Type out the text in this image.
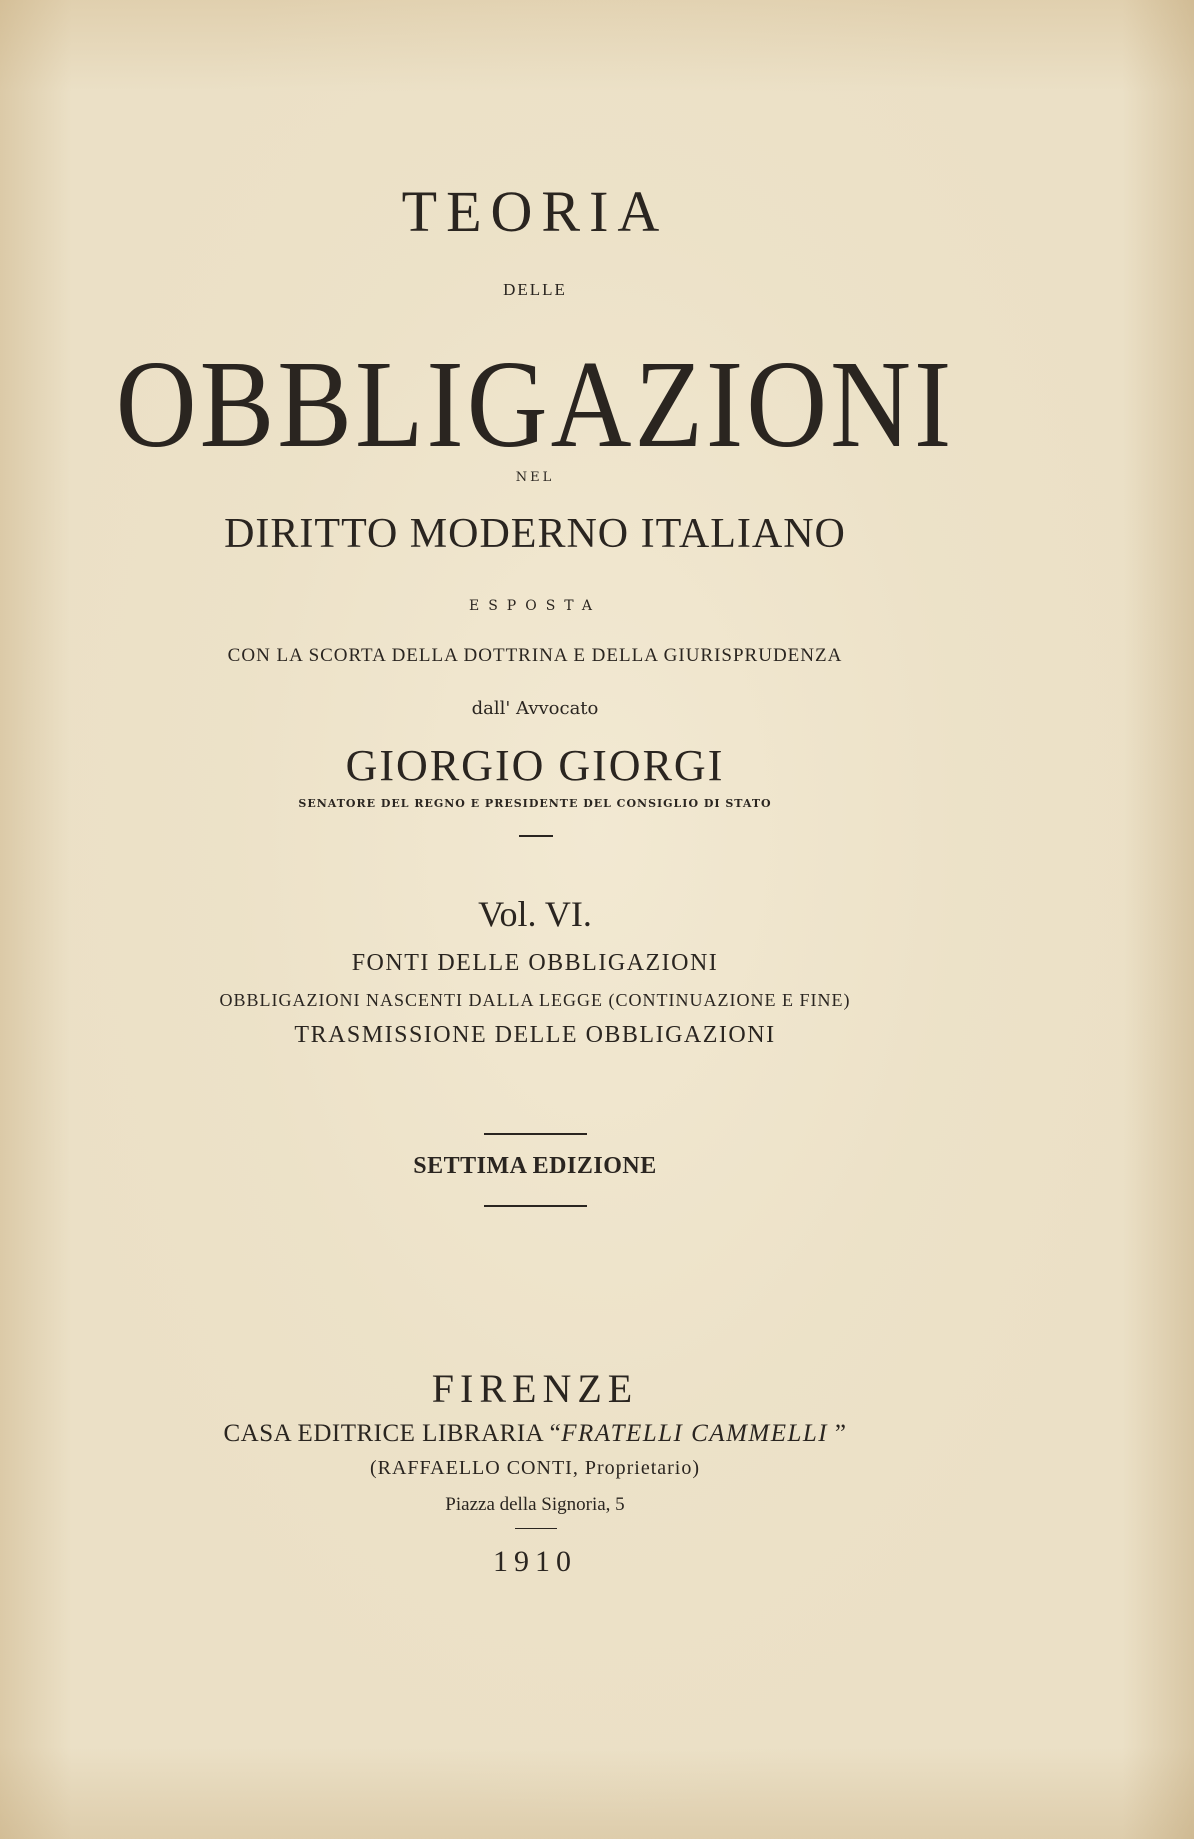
TEORIA
DELLE
OBBLIGAZIONI
NEL
DIRITTO MODERNO ITALIANO
ESPOSTA
CON LA SCORTA DELLA DOTTRINA E DELLA GIURISPRUDENZA
dall' Avvocato
GIORGIO GIORGI
SENATORE DEL REGNO E PRESIDENTE DEL CONSIGLIO DI STATO
Vol. VI.
FONTI DELLE OBBLIGAZIONI
OBBLIGAZIONI NASCENTI DALLA LEGGE (CONTINUAZIONE E FINE)
TRASMISSIONE DELLE OBBLIGAZIONI
SETTIMA EDIZIONE
FIRENZE
CASA EDITRICE LIBRARIA “FRATELLI CAMMELLI ”
(RAFFAELLO CONTI, Proprietario)
Piazza della Signoria, 5
1910
